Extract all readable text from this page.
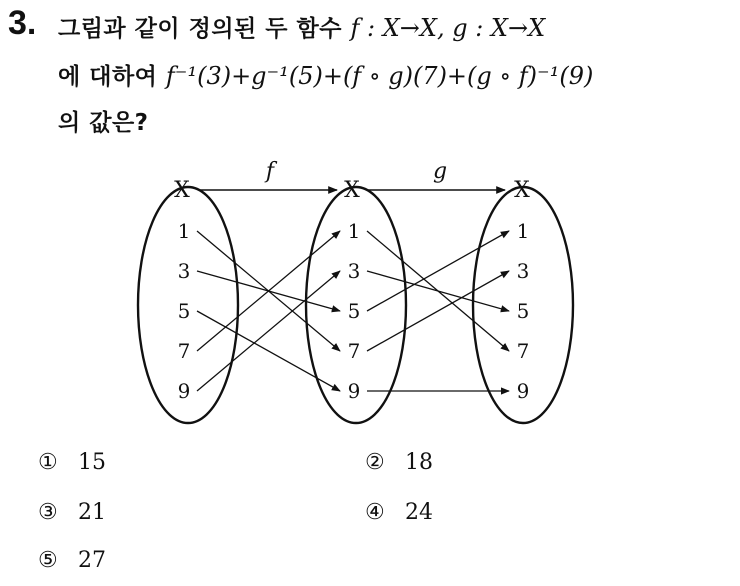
3. 그림과 같이 정의된 두 함수 f : X→X, g : X→X
에 대하여 f⁻¹(3)+g⁻¹(5)+(f ∘ g)(7)+(g ∘ f)⁻¹(9)
의 값은?
X	X	X
f	g
1
3
5
7
9
1
3
5
7
9
1
3
5
7
9
① 15	② 18
③ 21	④ 24
⑤ 27
